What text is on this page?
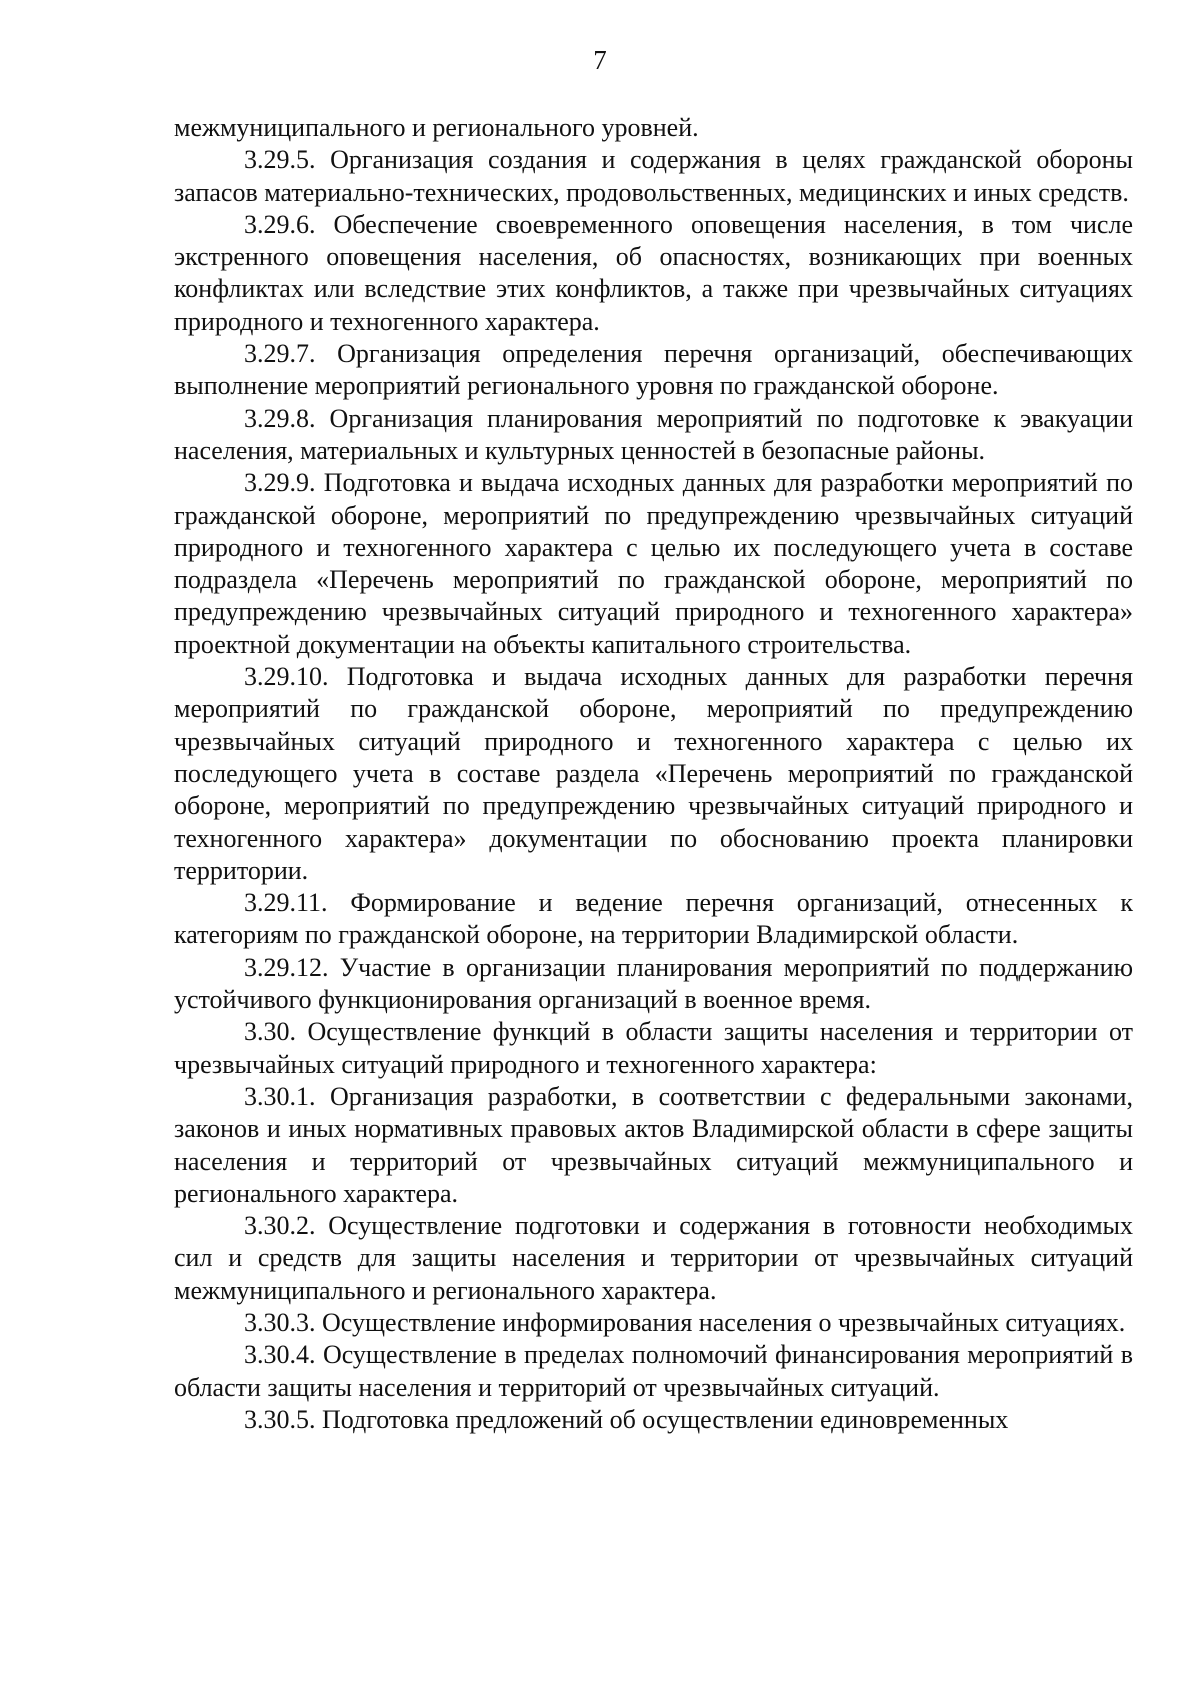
7

межмуниципального и регионального уровней.

3.29.5. Организация создания и содержания в целях гражданской обороны запасов материально-технических, продовольственных, медицинских и иных средств.

3.29.6. Обеспечение своевременного оповещения населения, в том числе экстренного оповещения населения, об опасностях, возникающих при военных конфликтах или вследствие этих конфликтов, а также при чрезвычайных ситуациях природного и техногенного характера.

3.29.7. Организация определения перечня организаций, обеспечивающих выполнение мероприятий регионального уровня по гражданской обороне.

3.29.8. Организация планирования мероприятий по подготовке к эвакуации населения, материальных и культурных ценностей в безопасные районы.

3.29.9. Подготовка и выдача исходных данных для разработки мероприятий по гражданской обороне, мероприятий по предупреждению чрезвычайных ситуаций природного и техногенного характера с целью их последующего учета в составе подраздела «Перечень мероприятий по гражданской обороне, мероприятий по предупреждению чрезвычайных ситуаций природного и техногенного характера» проектной документации на объекты капитального строительства.

3.29.10. Подготовка и выдача исходных данных для разработки перечня мероприятий по гражданской обороне, мероприятий по предупреждению чрезвычайных ситуаций природного и техногенного характера с целью их последующего учета в составе раздела «Перечень мероприятий по гражданской обороне, мероприятий по предупреждению чрезвычайных ситуаций природного и техногенного характера» документации по обоснованию проекта планировки территории.

3.29.11. Формирование и ведение перечня организаций, отнесенных к категориям по гражданской обороне, на территории Владимирской области.

3.29.12. Участие в организации планирования мероприятий по поддержанию устойчивого функционирования организаций в военное время.

3.30. Осуществление функций в области защиты населения и территории от чрезвычайных ситуаций природного и техногенного характера:

3.30.1. Организация разработки, в соответствии с федеральными законами, законов и иных нормативных правовых актов Владимирской области в сфере защиты населения и территорий от чрезвычайных ситуаций межмуниципального и регионального характера.

3.30.2. Осуществление подготовки и содержания в готовности необходимых сил и средств для защиты населения и территории от чрезвычайных ситуаций межмуниципального и регионального характера.

3.30.3. Осуществление информирования населения о чрезвычайных ситуациях.

3.30.4. Осуществление в пределах полномочий финансирования мероприятий в области защиты населения и территорий от чрезвычайных ситуаций.

3.30.5. Подготовка предложений об осуществлении единовременных
